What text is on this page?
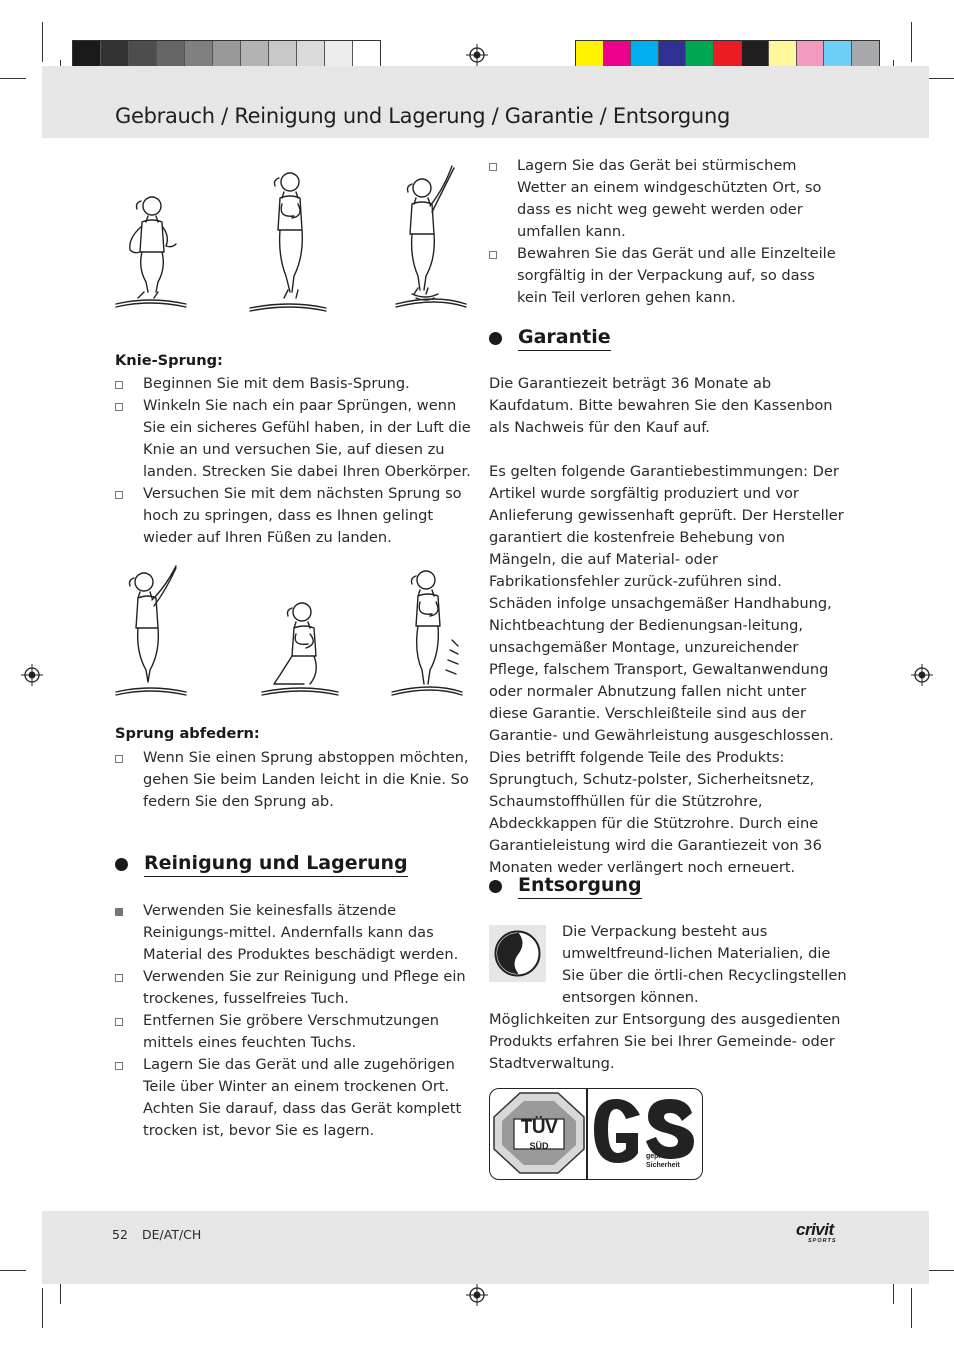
Gebrauch / Reinigung und Lagerung / Garantie / Entsorgung
Knie-Sprung:
Beginnen Sie mit dem Basis-Sprung.
Winkeln Sie nach ein paar Sprüngen, wenn Sie ein sicheres Gefühl haben, in der Luft die Knie an und versuchen Sie, auf diesen zu landen. Strecken Sie dabei Ihren Oberkörper.
Versuchen Sie mit dem nächsten Sprung so hoch zu springen, dass es Ihnen gelingt wieder auf Ihren Füßen zu landen.
Sprung abfedern:
Wenn Sie einen Sprung abstoppen möchten, gehen Sie beim Landen leicht in die Knie. So federn Sie den Sprung ab.
Reinigung und Lagerung
Verwenden Sie keinesfalls ätzende Reinigungs-mittel. Andernfalls kann das Material des Produktes beschädigt werden.
Verwenden Sie zur Reinigung und Pflege ein trockenes, fusselfreies Tuch.
Entfernen Sie gröbere Verschmutzungen mittels eines feuchten Tuchs.
Lagern Sie das Gerät und alle zugehörigen Teile über Winter an einem trockenen Ort. Achten Sie darauf, dass das Gerät komplett trocken ist, bevor Sie es lagern.
Lagern Sie das Gerät bei stürmischem Wetter an einem windgeschützten Ort, so dass es nicht weg geweht werden oder umfallen kann.
Bewahren Sie das Gerät und alle Einzelteile sorgfältig in der Verpackung auf, so dass kein Teil verloren gehen kann.
Garantie
Die Garantiezeit beträgt 36 Monate ab Kaufdatum. Bitte bewahren Sie den Kassenbon als Nachweis für den Kauf auf.
Es gelten folgende Garantiebestimmungen: Der Artikel wurde sorgfältig produziert und vor Anlieferung gewissenhaft geprüft. Der Hersteller garantiert die kostenfreie Behebung von Mängeln, die auf Material- oder Fabrikationsfehler zurück-zuführen sind. Schäden infolge unsachgemäßer Handhabung, Nichtbeachtung der Bedienungsan-leitung, unsachgemäßer Montage, unzureichender Pflege, falschem Transport, Gewaltanwendung oder normaler Abnutzung fallen nicht unter diese Garantie. Verschleißteile sind aus der Garantie- und Gewährleistung ausgeschlossen. Dies betrifft folgende Teile des Produkts: Sprungtuch, Schutz-polster, Sicherheitsnetz, Schaumstoffhüllen für die Stützrohre, Abdeckkappen für die Stützrohre. Durch eine Garantieleistung wird die Garantiezeit von 36 Monaten weder verlängert noch erneuert.
Entsorgung
Die Verpackung besteht aus umweltfreund-lichen Materialien, die Sie über die örtli-chen Recyclingstellen entsorgen können.
Möglichkeiten zur Entsorgung des ausgedienten Produkts erfahren Sie bei Ihrer Gemeinde- oder Stadtverwaltung.
TÜV
SÜD
geprüfte
Sicherheit
52 DE/AT/CH	crivit
SPORTS
